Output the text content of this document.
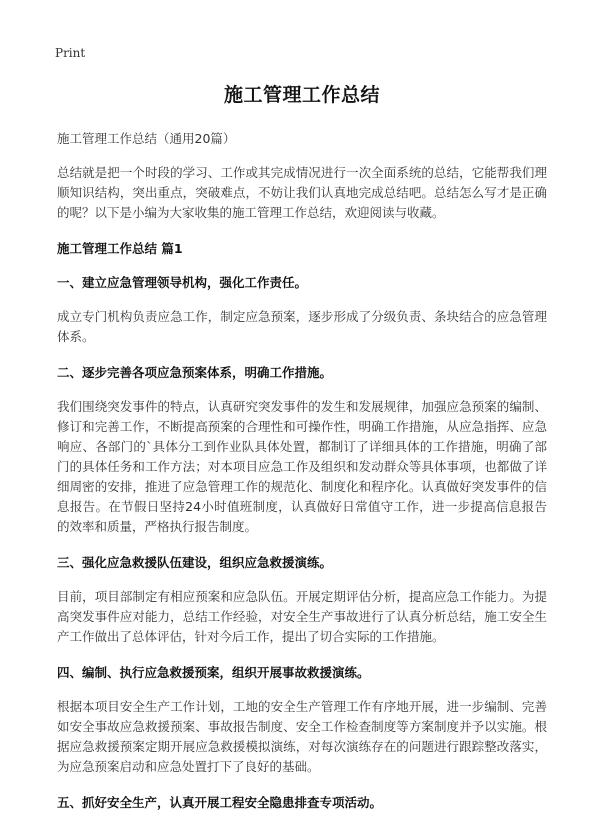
Print
施工管理工作总结
施工管理工作总结（通用20篇）

总结就是把一个时段的学习、工作或其完成情况进行一次全面系统的总结，它能帮我们理顺知识结构，突出重点，突破难点，不妨让我们认真地完成总结吧。总结怎么写才是正确的呢？以下是小编为大家收集的施工管理工作总结，欢迎阅读与收藏。

施工管理工作总结 篇1
一、建立应急管理领导机构，强化工作责任。

成立专门机构负责应急工作，制定应急预案，逐步形成了分级负责、条块结合的应急管理体系。

二、逐步完善各项应急预案体系，明确工作措施。

我们围绕突发事件的特点，认真研究突发事件的发生和发展规律，加强应急预案的编制、修订和完善工作，不断提高预案的合理性和可操作性，明确工作措施，从应急指挥、应急响应、各部门的`具体分工到作业队具体处置，都制订了详细具体的工作措施，明确了部门的具体任务和工作方法；对本项目应急工作及组织和发动群众等具体事项，也都做了详细周密的安排，推进了应急管理工作的规范化、制度化和程序化。认真做好突发事件的信息报告。在节假日坚持24小时值班制度，认真做好日常值守工作，进一步提高信息报告的效率和质量，严格执行报告制度。

三、强化应急救援队伍建设，组织应急救援演练。

目前，项目部制定有相应预案和应急队伍。开展定期评估分析，提高应急工作能力。为提高突发事件应对能力，总结工作经验，对安全生产事故进行了认真分析总结，施工安全生产工作做出了总体评估，针对今后工作，提出了切合实际的工作措施。

四、编制、执行应急救援预案，组织开展事故救援演练。

根据本项目安全生产工作计划，工地的安全生产管理工作有序地开展，进一步编制、完善如安全事故应急救援预案、事故报告制度、安全工作检查制度等方案制度并予以实施。根据应急救援预案定期开展应急救援模拟演练，对每次演练存在的问题进行跟踪整改落实，为应急预案启动和应急处置打下了良好的基础。

五、抓好安全生产，认真开展工程安全隐患排查专项活动。
